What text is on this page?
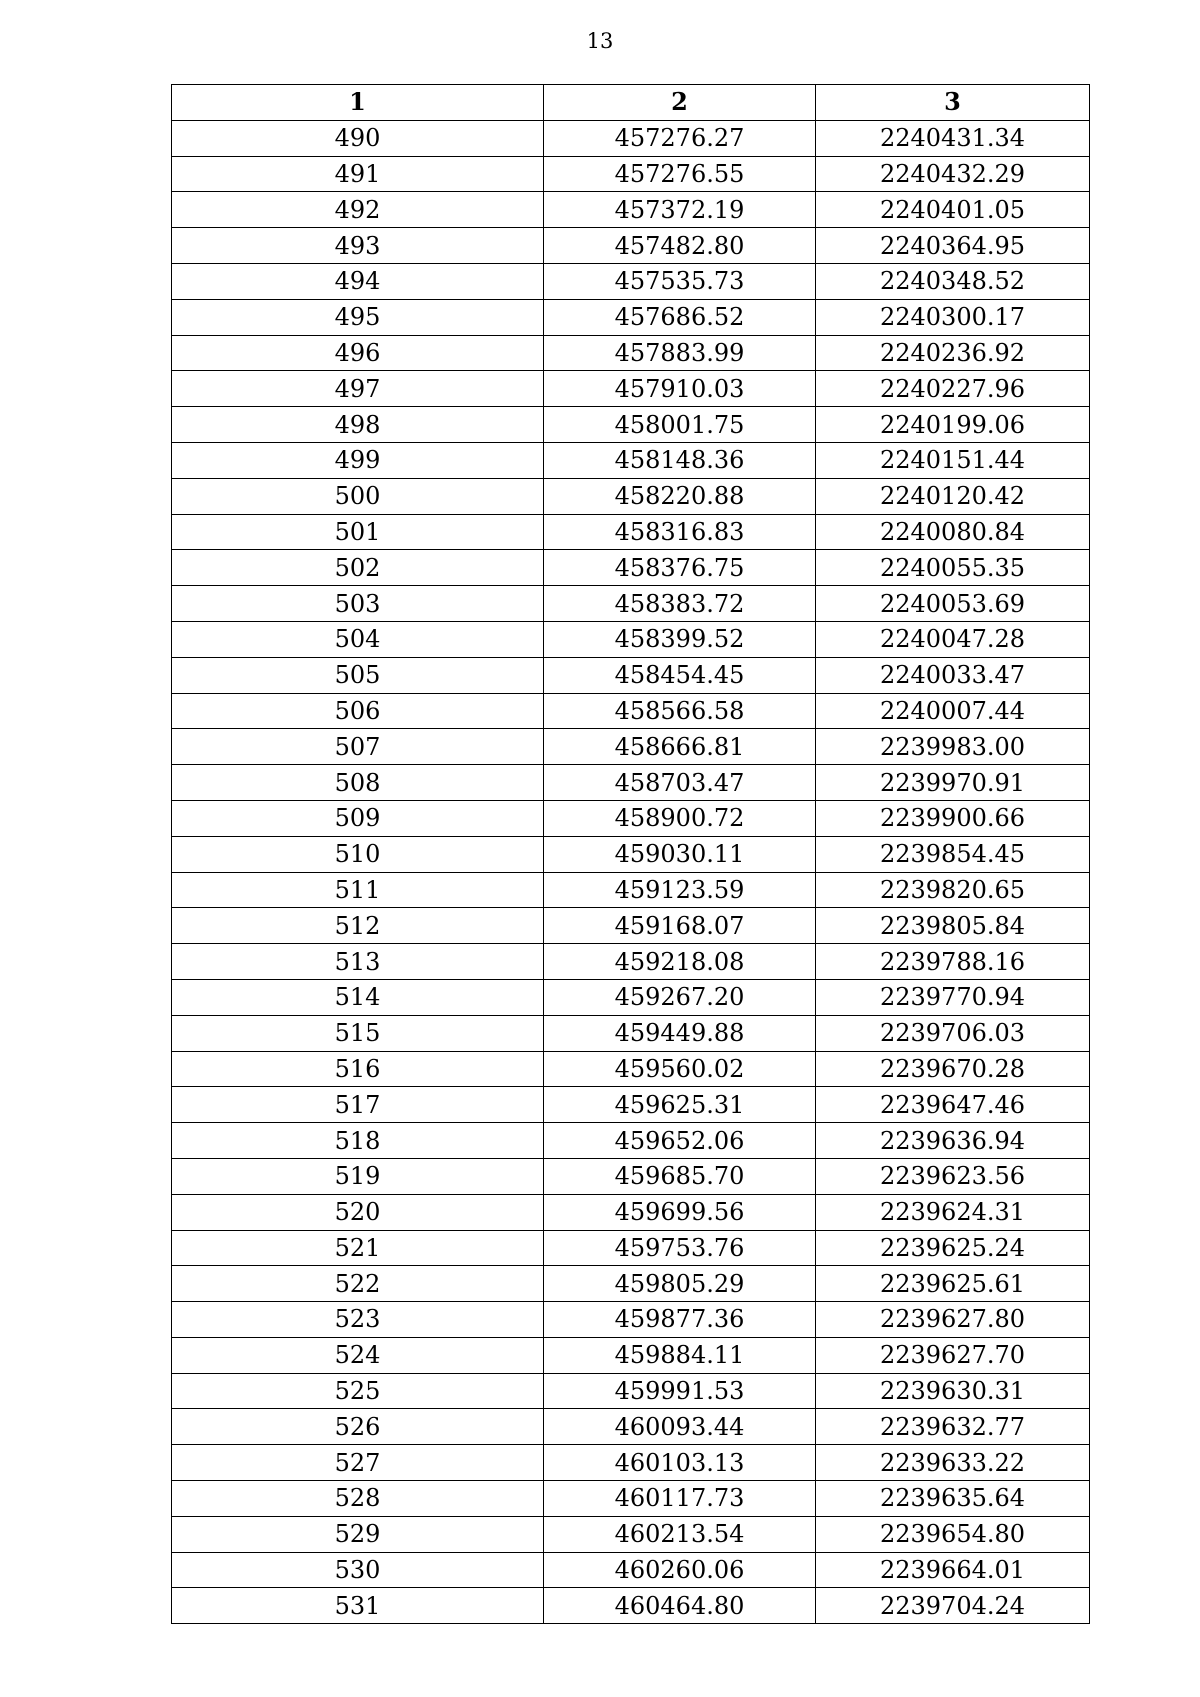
13
1	2	3
490	457276.27	2240431.34
491	457276.55	2240432.29
492	457372.19	2240401.05
493	457482.80	2240364.95
494	457535.73	2240348.52
495	457686.52	2240300.17
496	457883.99	2240236.92
497	457910.03	2240227.96
498	458001.75	2240199.06
499	458148.36	2240151.44
500	458220.88	2240120.42
501	458316.83	2240080.84
502	458376.75	2240055.35
503	458383.72	2240053.69
504	458399.52	2240047.28
505	458454.45	2240033.47
506	458566.58	2240007.44
507	458666.81	2239983.00
508	458703.47	2239970.91
509	458900.72	2239900.66
510	459030.11	2239854.45
511	459123.59	2239820.65
512	459168.07	2239805.84
513	459218.08	2239788.16
514	459267.20	2239770.94
515	459449.88	2239706.03
516	459560.02	2239670.28
517	459625.31	2239647.46
518	459652.06	2239636.94
519	459685.70	2239623.56
520	459699.56	2239624.31
521	459753.76	2239625.24
522	459805.29	2239625.61
523	459877.36	2239627.80
524	459884.11	2239627.70
525	459991.53	2239630.31
526	460093.44	2239632.77
527	460103.13	2239633.22
528	460117.73	2239635.64
529	460213.54	2239654.80
530	460260.06	2239664.01
531	460464.80	2239704.24
